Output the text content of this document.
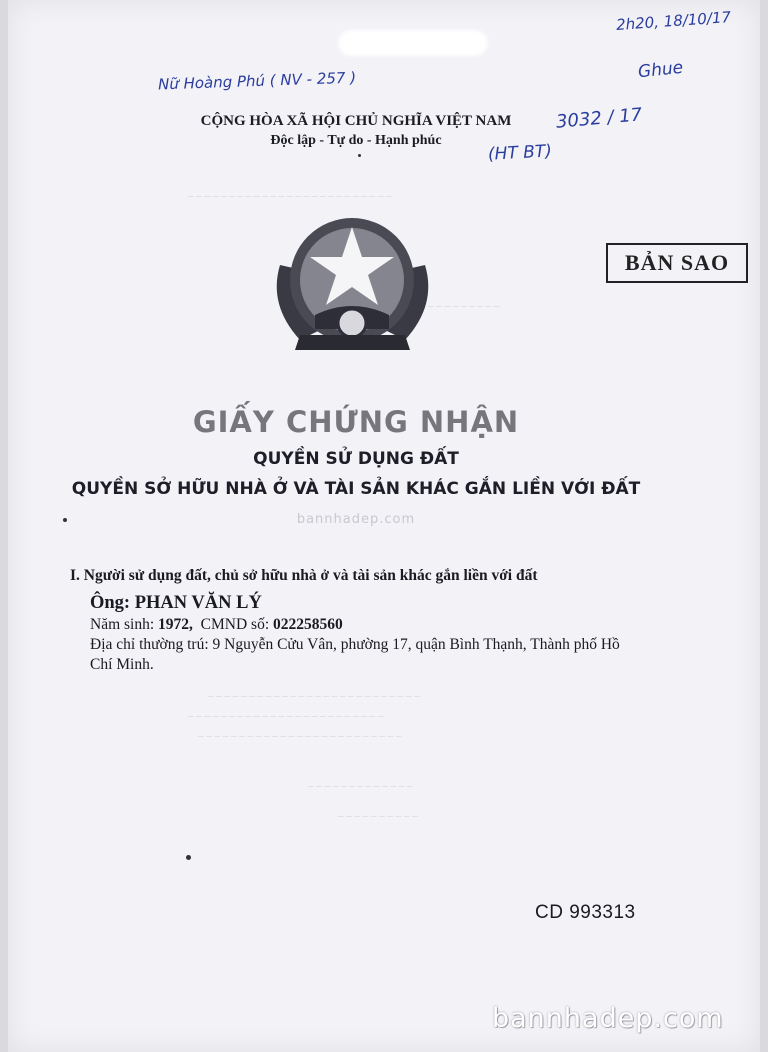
‒ ‒ ‒ ‒ ‒ ‒ ‒ ‒ ‒ ‒ ‒ ‒ ‒ ‒ ‒ ‒ ‒ ‒ ‒ ‒ ‒ ‒ ‒ ‒ ‒
‒ ‒ ‒ ‒ ‒ ‒ ‒ ‒ ‒
‒ ‒ ‒ ‒ ‒ ‒ ‒ ‒ ‒ ‒ ‒ ‒ ‒ ‒ ‒ ‒ ‒ ‒ ‒ ‒ ‒ ‒ ‒ ‒ ‒ ‒
‒ ‒ ‒ ‒ ‒ ‒ ‒ ‒ ‒ ‒ ‒ ‒ ‒ ‒ ‒ ‒ ‒ ‒ ‒ ‒ ‒ ‒ ‒ ‒
‒ ‒ ‒ ‒ ‒ ‒ ‒ ‒ ‒ ‒ ‒ ‒ ‒ ‒ ‒ ‒ ‒ ‒ ‒ ‒ ‒ ‒ ‒ ‒ ‒
‒ ‒ ‒ ‒ ‒ ‒ ‒ ‒ ‒ ‒ ‒ ‒ ‒
‒ ‒ ‒ ‒ ‒ ‒ ‒ ‒ ‒ ‒
2h20, 18/10/17
Nữ Hoàng Phú ( NV - 257 )	Ghue
3032 / 17
(HT BT)
CỘNG HÒA XÃ HỘI CHỦ NGHĨA VIỆT NAM
Độc lập - Tự do - Hạnh phúc
BẢN SAO
GIẤY CHỨNG NHẬN
QUYỀN SỬ DỤNG ĐẤT
QUYỀN SỞ HỮU NHÀ Ở VÀ TÀI SẢN KHÁC GẮN LIỀN VỚI ĐẤT
bannhadep.com
I. Người sử dụng đất, chủ sở hữu nhà ở và tài sản khác gắn liền với đất
Ông: PHAN VĂN LÝ
Năm sinh: 1972, CMND số: 022258560
Địa chỉ thường trú: 9 Nguyễn Cửu Vân, phường 17, quận Bình Thạnh, Thành phố Hồ
Chí Minh.
CD 993313
bannhadep.com
